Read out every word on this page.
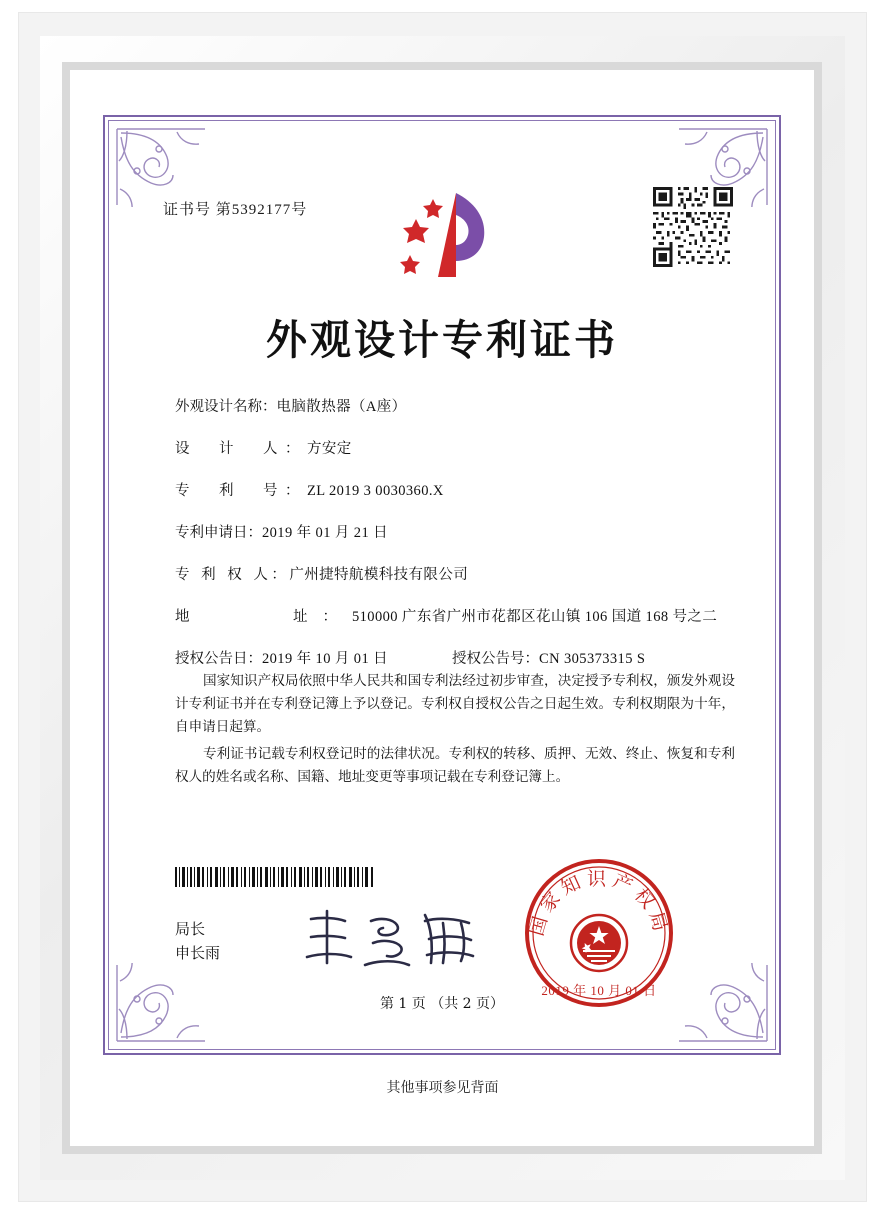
证书号 第5392177号
外观设计专利证书
外观设计名称： 电脑散热器（A座）
设　计　人： 方安定
专　利　号： ZL 2019 3 0030360.X
专利申请日： 2019 年 01 月 21 日
专 利 权 人： 广州捷特航模科技有限公司
地　　　址： 510000 广东省广州市花都区花山镇 106 国道 168 号之二
授权公告日： 2019 年 10 月 01 日	授权公告号： CN 305373315 S

国家知识产权局依照中华人民共和国专利法经过初步审查，决定授予专利权，颁发外观设计专利证书并在专利登记簿上予以登记。专利权自授权公告之日起生效。专利权期限为十年，自申请日起算。

专利证书记载专利权登记时的法律状况。专利权的转移、质押、无效、终止、恢复和专利权人的姓名或名称、国籍、地址变更等事项记载在专利登记簿上。

局长
申长雨
国家知识产权局
2019 年 10 月 01 日
第 1 页 （共 2 页）
其他事项参见背面
